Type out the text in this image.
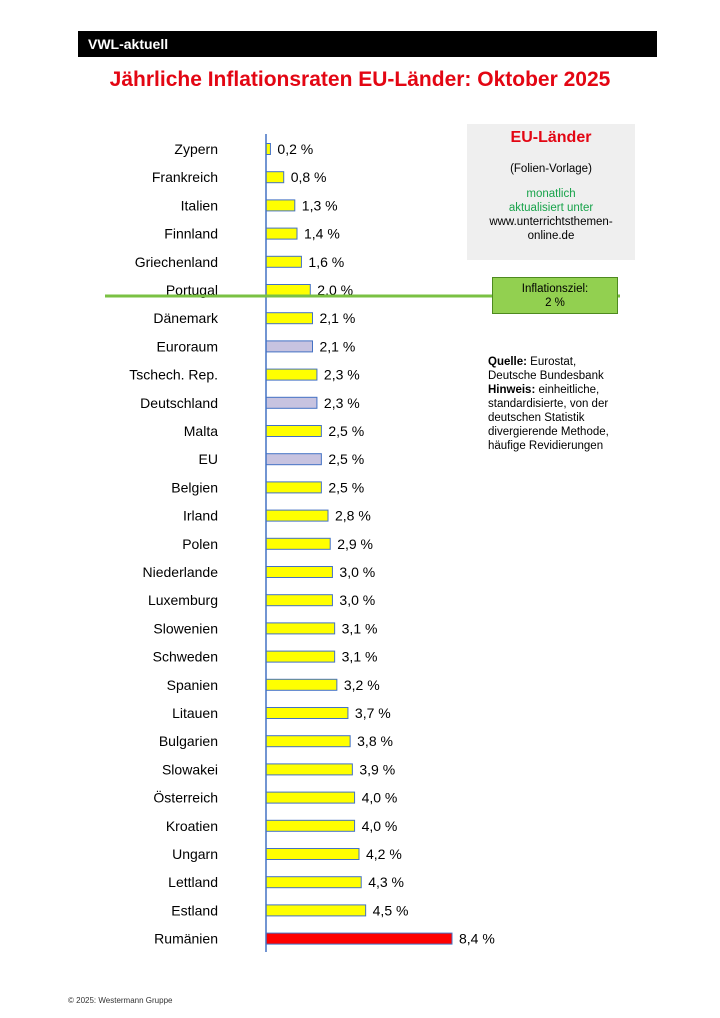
VWL-aktuell
Jährliche Inflationsraten EU-Länder: Oktober 2025
Zypern	0,2 %
Frankreich	0,8 %
Italien	1,3 %
Finnland	1,4 %
Griechenland	1,6 %
Portugal	2,0 %
Dänemark	2,1 %
Euroraum	2,1 %
Tschech. Rep.	2,3 %
Deutschland	2,3 %
Malta	2,5 %
EU	2,5 %
Belgien	2,5 %
Irland	2,8 %
Polen	2,9 %
Niederlande	3,0 %
Luxemburg	3,0 %
Slowenien	3,1 %
Schweden	3,1 %
Spanien	3,2 %
Litauen	3,7 %
Bulgarien	3,8 %
Slowakei	3,9 %
Österreich	4,0 %
Kroatien	4,0 %
Ungarn	4,2 %
Lettland	4,3 %
Estland	4,5 %
Rumänien	8,4 %
EU-Länder
(Folien-Vorlage)
monatlich
aktualisiert unter
www.unterrichtsthemen-
online.de
Inflationsziel:
2 %
Quelle: Eurostat,
Deutsche Bundesbank
Hinweis: einheitliche,
standardisierte, von der
deutschen Statistik
divergierende Methode,
häufige Revidierungen
© 2025: Westermann Gruppe
